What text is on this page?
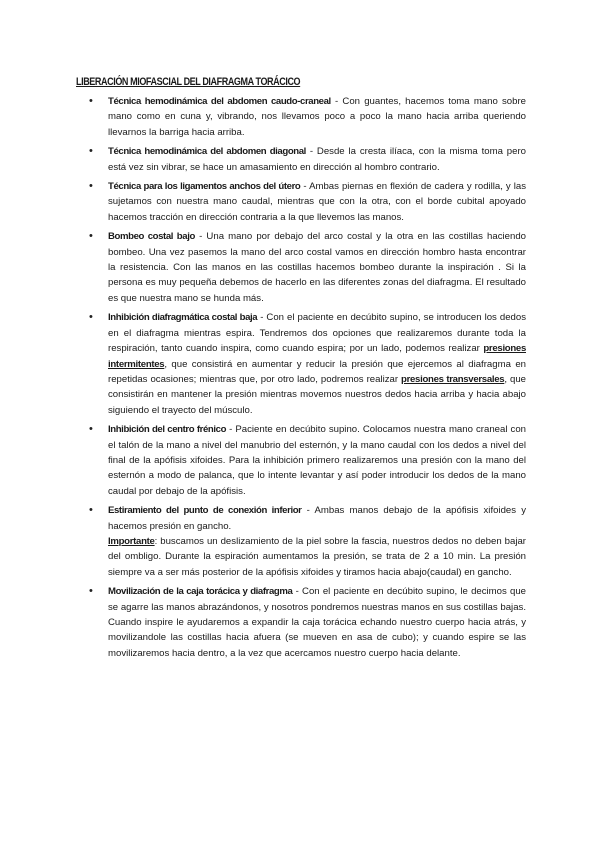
LIBERACIÓN MIOFASCIAL DEL DIAFRAGMA TORÁCICO
• Técnica hemodinámica del abdomen caudo-craneal - Con guantes, hacemos toma mano sobre mano como en cuna y, vibrando, nos llevamos poco a poco la mano hacia arriba queriendo llevarnos la barriga hacia arriba.
• Técnica hemodinámica del abdomen diagonal - Desde la cresta ilíaca, con la misma toma pero está vez sin vibrar, se hace un amasamiento en dirección al hombro contrario.
• Técnica para los ligamentos anchos del útero - Ambas piernas en flexión de cadera y rodilla, y las sujetamos con nuestra mano caudal, mientras que con la otra, con el borde cubital apoyado hacemos tracción en dirección contraria a la que llevemos las manos.
• Bombeo costal bajo - Una mano por debajo del arco costal y la otra en las costillas haciendo bombeo. Una vez pasemos la mano del arco costal vamos en dirección hombro hasta encontrar la resistencia. Con las manos en las costillas hacemos bombeo durante la inspiración . Si la persona es muy pequeña debemos de hacerlo en las diferentes zonas del diafragma. El resultado es que nuestra mano se hunda más.
• Inhibición diafragmática costal baja - Con el paciente en decúbito supino, se introducen los dedos en el diafragma mientras espira. Tendremos dos opciones que realizaremos durante toda la respiración, tanto cuando inspira, como cuando espira; por un lado, podemos realizar presiones intermitentes, que consistirá en aumentar y reducir la presión que ejercemos al diafragma en repetidas ocasiones; mientras que, por otro lado, podremos realizar presiones transversales, que consistirán en mantener la presión mientras movemos nuestros dedos hacia arriba y hacia abajo siguiendo el trayecto del músculo.
• Inhibición del centro frénico - Paciente en decúbito supino. Colocamos nuestra mano craneal con el talón de la mano a nivel del manubrio del esternón, y la mano caudal con los dedos a nivel del final de la apófisis xifoides. Para la inhibición primero realizaremos una presión con la mano del esternón a modo de palanca, que lo intente levantar y así poder introducir los dedos de la mano caudal por debajo de la apófisis.
• Estiramiento del punto de conexión inferior - Ambas manos debajo de la apófisis xifoides y hacemos presión en gancho.
Importante: buscamos un deslizamiento de la piel sobre la fascia, nuestros dedos no deben bajar del ombligo. Durante la espiración aumentamos la presión, se trata de 2 a 10 min. La presión siempre va a ser más posterior de la apófisis xifoides y tiramos hacia abajo(caudal) en gancho.
• Movilización de la caja torácica y diafragma - Con el paciente en decúbito supino, le decimos que se agarre las manos abrazándonos, y nosotros pondremos nuestras manos en sus costillas bajas. Cuando inspire le ayudaremos a expandir la caja torácica echando nuestro cuerpo hacia atrás, y movilizandole las costillas hacia afuera (se mueven en asa de cubo); y cuando espire se las movilizaremos hacia dentro, a la vez que acercamos nuestro cuerpo hacia delante.
